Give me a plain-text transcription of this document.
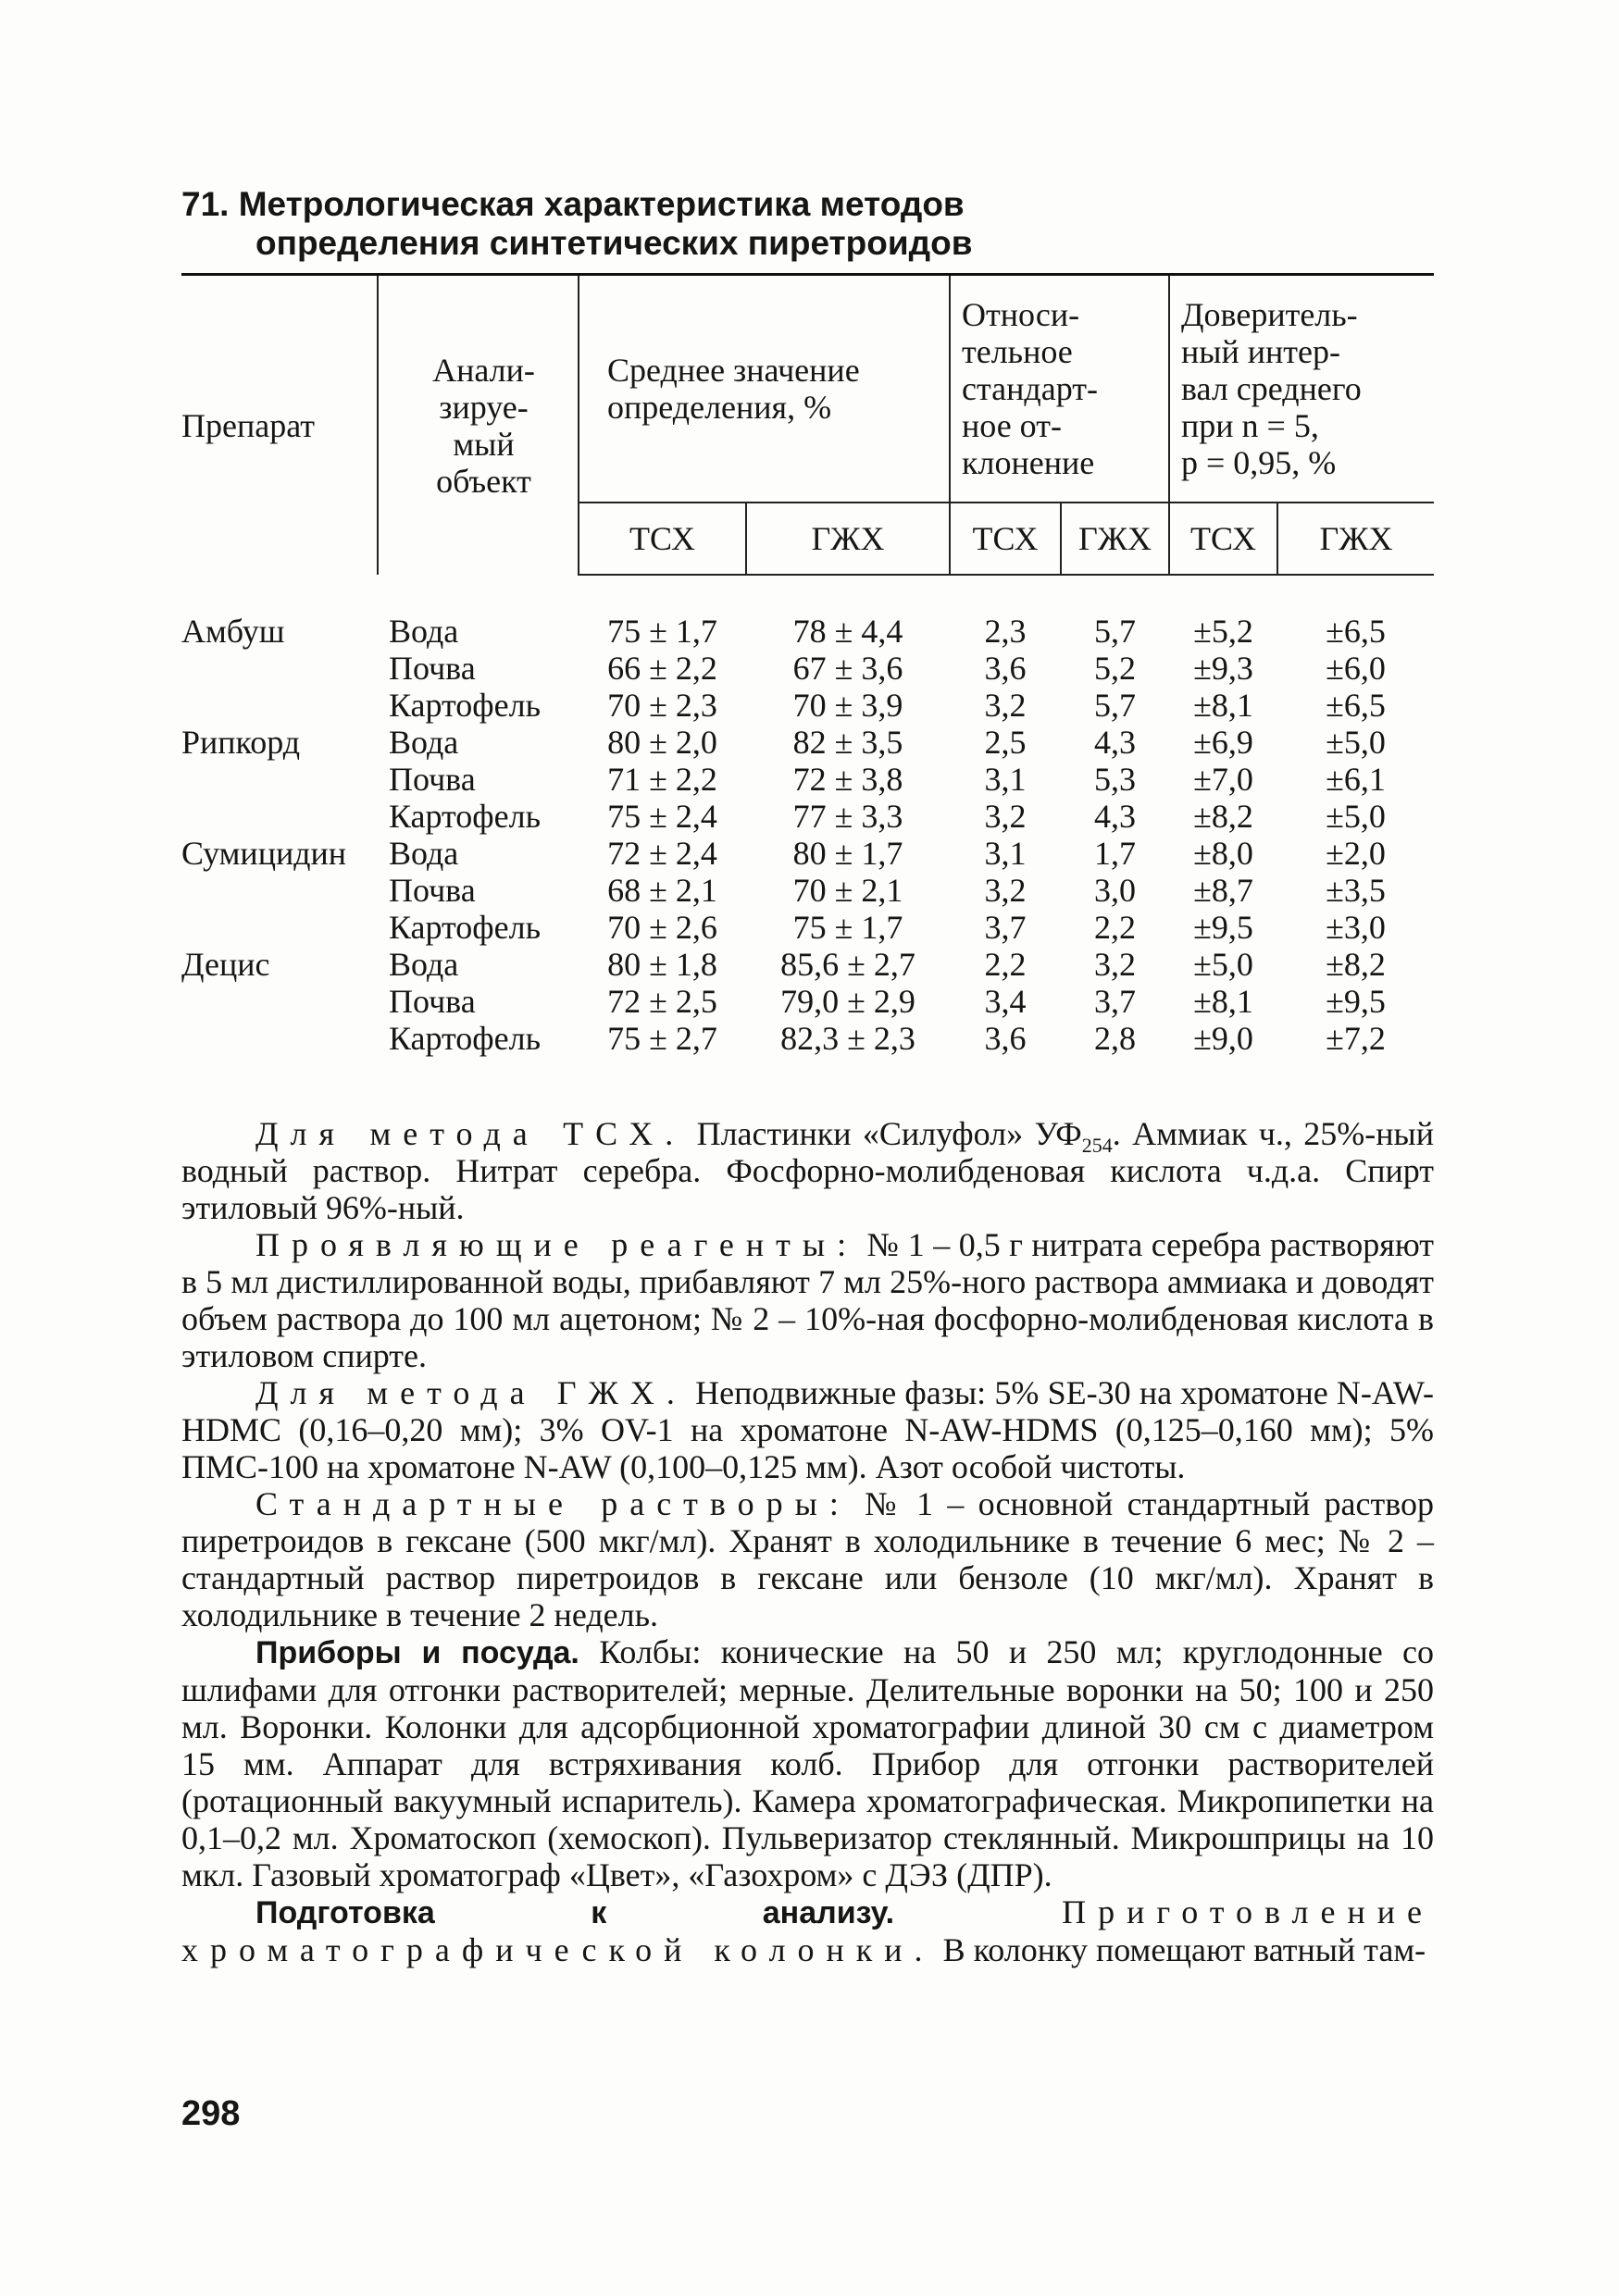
71. Метрологическая характеристика методов
определения синтетических пиретроидов
Препарат	Анали-
зируе-
мый
объект	Среднее значение
определения, %		Относи-
тельное
стандарт-
ное от-
клонение		Доверитель-
ный интер-
вал среднего
при n = 5,
p = 0,95, %	
		ТСХ	ГЖХ	ТСХ	ГЖХ	ТСХ	ГЖХ

Амбуш	Вода	75 ± 1,7	78 ± 4,4	2,3	5,7	±5,2	±6,5
	Почва	66 ± 2,2	67 ± 3,6	3,6	5,2	±9,3	±6,0
	Картофель	70 ± 2,3	70 ± 3,9	3,2	5,7	±8,1	±6,5
Рипкорд	Вода	80 ± 2,0	82 ± 3,5	2,5	4,3	±6,9	±5,0
	Почва	71 ± 2,2	72 ± 3,8	3,1	5,3	±7,0	±6,1
	Картофель	75 ± 2,4	77 ± 3,3	3,2	4,3	±8,2	±5,0
Сумицидин	Вода	72 ± 2,4	80 ± 1,7	3,1	1,7	±8,0	±2,0
	Почва	68 ± 2,1	70 ± 2,1	3,2	3,0	±8,7	±3,5
	Картофель	70 ± 2,6	75 ± 1,7	3,7	2,2	±9,5	±3,0
Децис	Вода	80 ± 1,8	85,6 ± 2,7	2,2	3,2	±5,0	±8,2
	Почва	72 ± 2,5	79,0 ± 2,9	3,4	3,7	±8,1	±9,5
	Картофель	75 ± 2,7	82,3 ± 2,3	3,6	2,8	±9,0	±7,2

Для метода ТСХ. Пластинки «Силуфол» $УФ_{254}$. Аммиак ч., 25%-ный водный раствор. Нитрат серебра. Фосфорно-молибденовая кислота ч.д.а. Спирт этиловый 96%-ный.

Проявляющие реагенты: № 1 – 0,5 г нитрата серебра растворяют в 5 мл дистиллированной воды, прибавляют 7 мл 25%-ного раствора аммиака и доводят объем раствора до 100 мл ацетоном; № 2 – 10%-ная фосфорно-молибденовая кислота в этиловом спирте.

Для метода ГЖХ. Неподвижные фазы: 5% SE-30 на хроматоне N-AW-HDMC (0,16–0,20 мм); 3% OV-1 на хроматоне N-AW-HDMS (0,125–0,160 мм); 5% ПМС-100 на хроматоне N-AW (0,100–0,125 мм). Азот особой чистоты.

Стандартные растворы: № 1 – основной стандартный раствор пиретроидов в гексане (500 мкг/мл). Хранят в холодильнике в течение 6 мес; № 2 – стандартный раствор пиретроидов в гексане или бензоле (10 мкг/мл). Хранят в холодильнике в течение 2 недель.

Приборы и посуда. Колбы: конические на 50 и 250 мл; круглодонные со шлифами для отгонки растворителей; мерные. Делительные воронки на 50; 100 и 250 мл. Воронки. Колонки для адсорбционной хроматографии длиной 30 см с диаметром 15 мм. Аппарат для встряхивания колб. Прибор для отгонки растворителей (ротационный вакуумный испаритель). Камера хроматографическая. Микропипетки на 0,1–0,2 мл. Хроматоскоп (хемоскоп). Пульверизатор стеклянный. Микрошприцы на 10 мкл. Газовый хроматограф «Цвет», «Газохром» с ДЭЗ (ДПР).

Подготовка к анализу. Приготовление хроматографической колонки. В колонку помещают ватный там-

298
